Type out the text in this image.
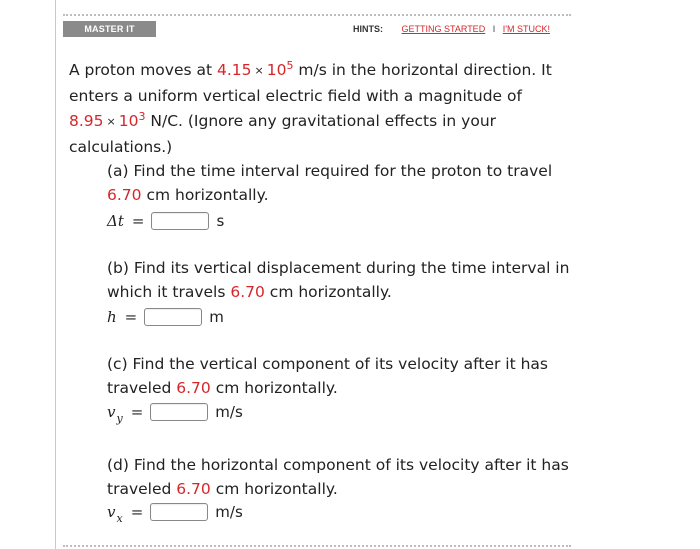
MASTER IT	HINTS: GETTING STARTED I I'M STUCK!
A proton moves at $4.15 \times 10^5$ m/s in the horizontal direction. It enters a uniform vertical electric field with a magnitude of $8.95 \times 10^3$ N/C. (Ignore any gravitational effects in your calculations.)
(a) Find the time interval required for the proton to travel 6.70 cm horizontally.
Δt =	s
(b) Find its vertical displacement during the time interval in which it travels 6.70 cm horizontally.
h =	m
(c) Find the vertical component of its velocity after it has traveled 6.70 cm horizontally.
$v_y$ =	m/s
(d) Find the horizontal component of its velocity after it has traveled 6.70 cm horizontally.
$v_x$ =	m/s
